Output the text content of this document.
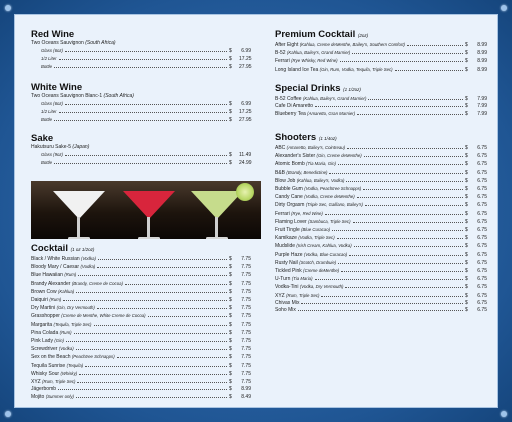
Red Wine
Two Oceans Sauvignon (South Africa)
Glass (6oz)	$	6.99
1/2 Liter	$	17.25
Bottle	$	27.95
White Wine
Two Oceans Sauvignon Blanc-1 (South Africa)
Glass (6oz)	$	6.99
1/2 Liter	$	17.25
Bottle	$	27.95
Sake
Hakutsuru Sake-5 (Japan)
Glass (9oz)	$	11.49
Bottle	$	24.99
Cocktail (1 oz 1/2oz)
Black / White Russian (Vodka)	$	7.75
Bloody Mary / Caesar (Vodka)	$	7.75
Blue Hawaiian (Rum)	$	7.75
Brandy Alexander (Brandy, Creme de Cocoa)	$	7.75
Brown Cow (Kahlua)	$	7.75
Daiquiri (Rum)	$	7.75
Dry Martini (Gin, Dry Vermouth)	$	7.75
Grasshopper (Creme de Menthe, White Creme de Cocoa)	$	7.75
Margarita (Tequila, Triple Sec)	$	7.75
Pina Colada (Rum)	$	7.75
Pink Lady (Gin)	$	7.75
Screwdriver (Vodka)	$	7.75
Sex on the Beach (Peachtree Schnapps)	$	7.75
Tequila Sunrise (Tequila)	$	7.75
Whisky Sour (Whisky)	$	7.75
XYZ (Rum, Triple Sec)	$	7.75
Jägerbomb	$	8.99
Mojito (Summer only)	$	8.49
Premium Cocktail (2oz)
After Eight (Kahlua, Creme deMenthe, Bailey's, Southern Comfort)	$	8.99
B-52 (Kahlua, Bailey's, Grand Marnier)	$	8.99
Ferrari (Rye Whisky, Red Wine)	$	8.99
Long Island Ice Tea (Gin, Rum, Vodka, Tequila, Triple Sec)	$	8.99
Special Drinks (1 1/2oz)
B-52 Coffee (Kahlua, Bailey's, Grand Marnier)	$	7.99
Cafe Di Amaretto	$	7.99
Blueberry Tea (Amaretto, Gran Marnier)	$	7.99
Shooters (1 1/4oz)
ABC (Amaretto, Bailey's, Cointreau)	$	6.75
Alexander's Sister (Gin, Creme deMenthe)	$	6.75
Atomic Bomb (Tia Maria, Gin)	$	6.75
B&B (Brandy, Benedictine)	$	6.75
Blow Job (Kahlua, Bailey's, Vodka)	$	6.75
Bubble Gum (Vodka, Peachtree Schnapps)	$	6.75
Candy Cane (Vodka, Creme deMenthe)	$	6.75
Dirty Orgasm (Triple Sec, Galliano, Bailey's)	$	6.75
Ferrari (Rye, Red Wine)	$	6.75
Flaming Lover (Sambuca, Triple Sec)	$	6.75
Fruit Tingle (Blue Curacao)	$	6.75
Kamikaze (Vodka, Triple Sec)	$	6.75
Mudslide (Irish Cream, Kahlua, Vodka)	$	6.75
Purple Haze (Vodka, Blue Curacao)	$	6.75
Rusty Nail (Scotch, Drambuie)	$	6.75
Tickled Pink (Creme deMenthe)	$	6.75
U-Turn (Tia Maria)	$	6.75
Vodka-Tini (Vodka, Dry Vermouth)	$	6.75
XYZ (Rum, Triple Sec)	$	6.75
Chivas Mix	$	6.75
Soho Mix	$	6.75
